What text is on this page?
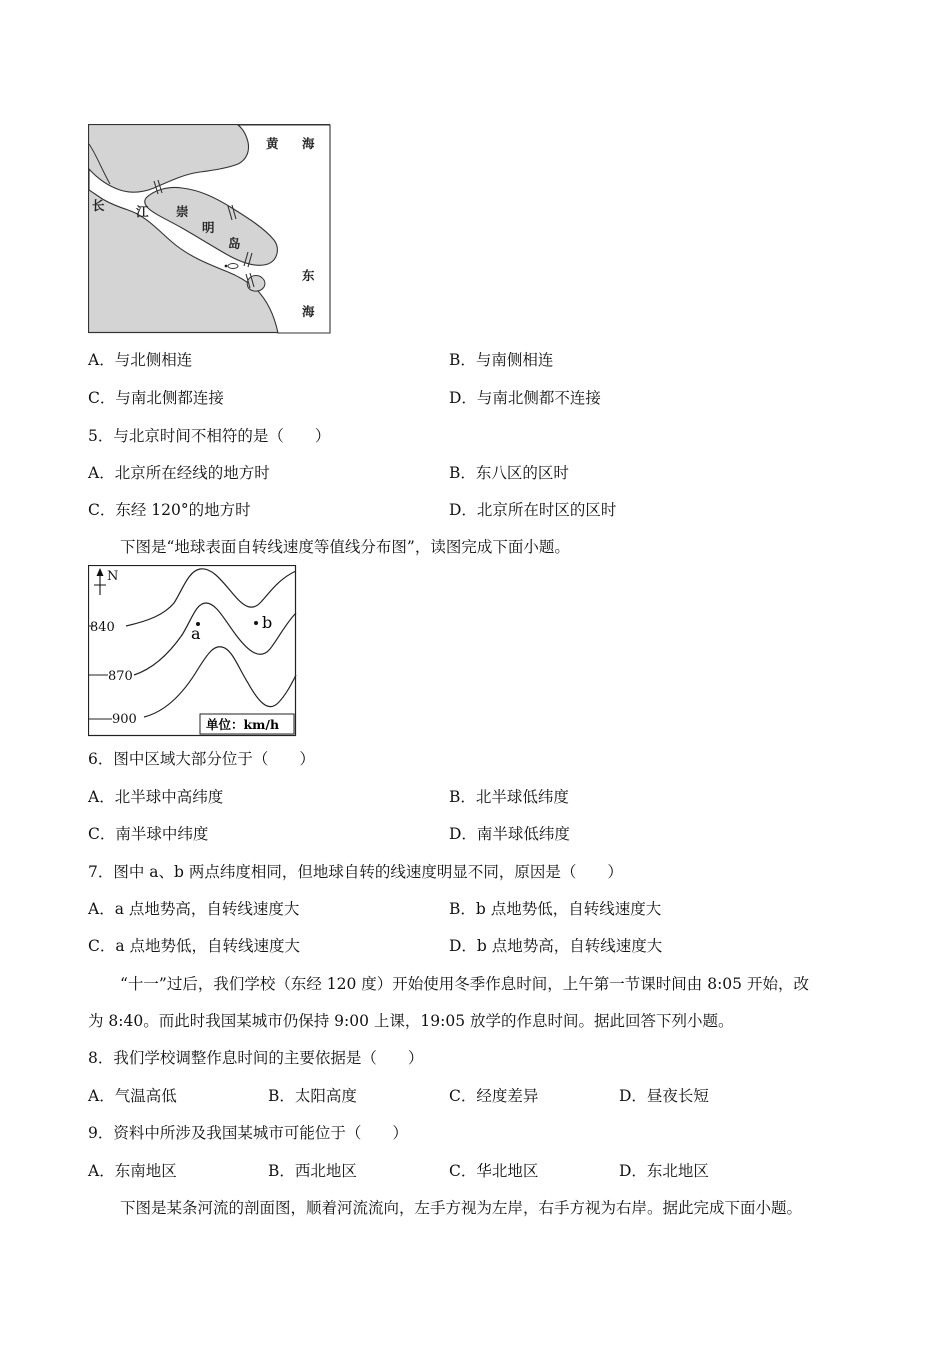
黄 海
长	江 崇
明
岛
东
海
A．与北侧相连	B．与南侧相连
C．与南北侧都连接	D．与南北侧都不连接
5．与北京时间不相符的是（　　）
A．北京所在经线的地方时	B．东八区的区时
C．东经 120°的地方时	D．北京所在时区的区时
下图是“地球表面自转线速度等值线分布图”，读图完成下面小题。
N
840
870
900
a
b
单位：km/h
6．图中区域大部分位于（　　）
A．北半球中高纬度	B．北半球低纬度
C．南半球中纬度	D．南半球低纬度
7．图中 a、b 两点纬度相同，但地球自转的线速度明显不同，原因是（　　）
A．a 点地势高，自转线速度大	B．b 点地势低，自转线速度大
C．a 点地势低，自转线速度大	D．b 点地势高，自转线速度大
“十一”过后，我们学校（东经 120 度）开始使用冬季作息时间，上午第一节课时间由 8:05 开始，改
为 8:40。而此时我国某城市仍保持 9:00 上课，19:05 放学的作息时间。据此回答下列小题。
8．我们学校调整作息时间的主要依据是（　　）
A．气温高低	B．太阳高度	C．经度差异	D．昼夜长短
9．资料中所涉及我国某城市可能位于（　　）
A．东南地区	B．西北地区	C．华北地区	D．东北地区
下图是某条河流的剖面图，顺着河流流向，左手方视为左岸，右手方视为右岸。据此完成下面小题。
